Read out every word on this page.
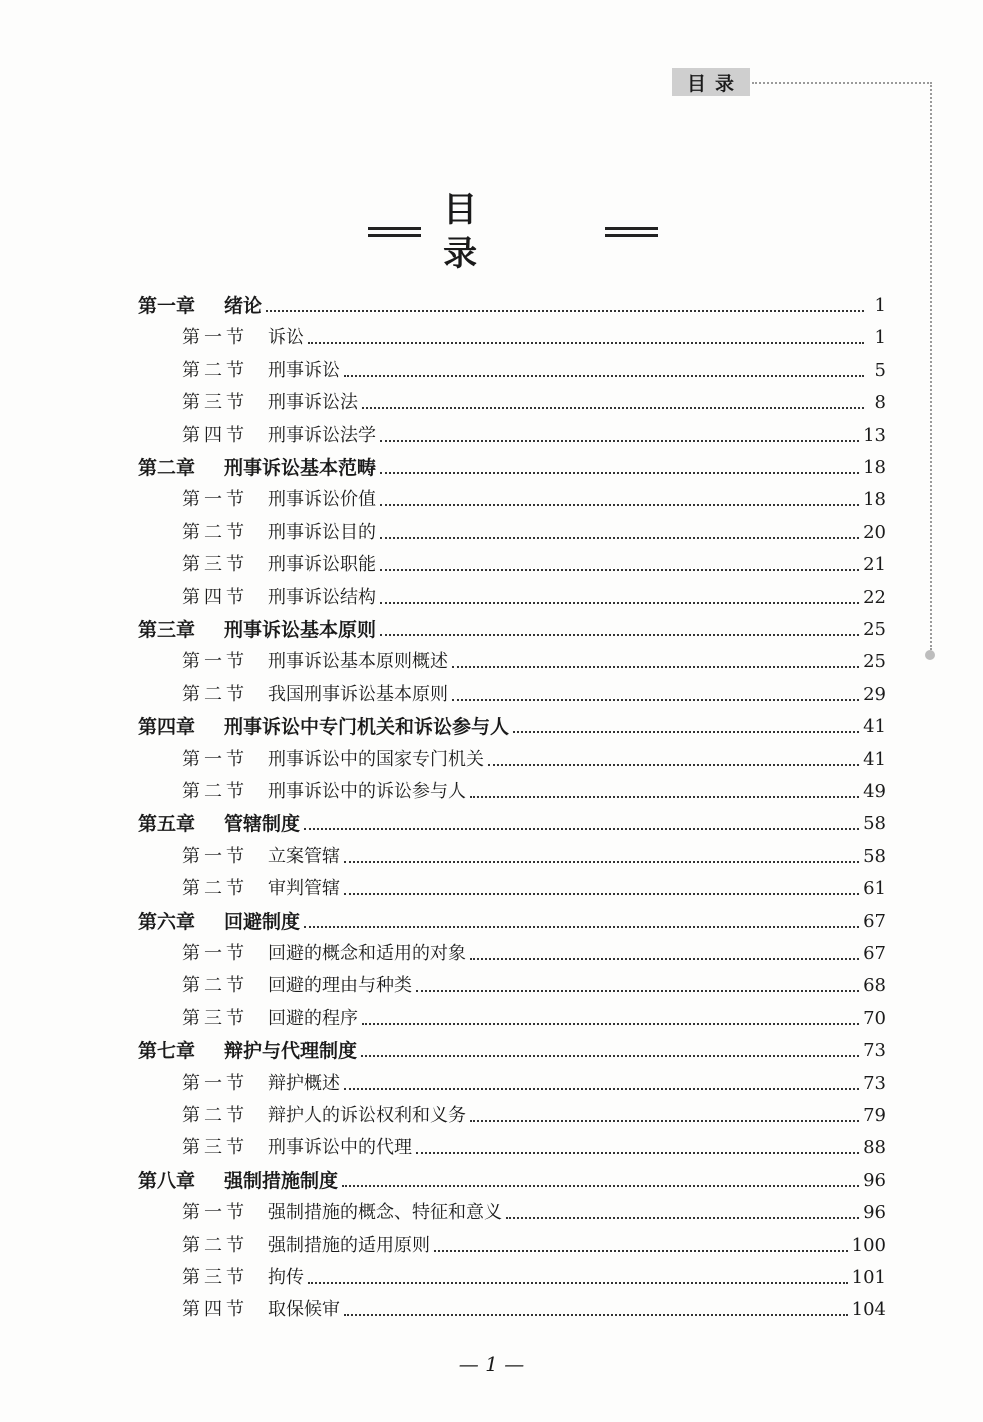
目录
目 录
第一章	绪论	1
第一节	诉讼	1
第二节	刑事诉讼	5
第三节	刑事诉讼法	8
第四节	刑事诉讼法学	13
第二章	刑事诉讼基本范畴	18
第一节	刑事诉讼价值	18
第二节	刑事诉讼目的	20
第三节	刑事诉讼职能	21
第四节	刑事诉讼结构	22
第三章	刑事诉讼基本原则	25
第一节	刑事诉讼基本原则概述	25
第二节	我国刑事诉讼基本原则	29
第四章	刑事诉讼中专门机关和诉讼参与人	41
第一节	刑事诉讼中的国家专门机关	41
第二节	刑事诉讼中的诉讼参与人	49
第五章	管辖制度	58
第一节	立案管辖	58
第二节	审判管辖	61
第六章	回避制度	67
第一节	回避的概念和适用的对象	67
第二节	回避的理由与种类	68
第三节	回避的程序	70
第七章	辩护与代理制度	73
第一节	辩护概述	73
第二节	辩护人的诉讼权利和义务	79
第三节	刑事诉讼中的代理	88
第八章	强制措施制度	96
第一节	强制措施的概念、特征和意义	96
第二节	强制措施的适用原则	100
第三节	拘传	101
第四节	取保候审	104
— 1 —
